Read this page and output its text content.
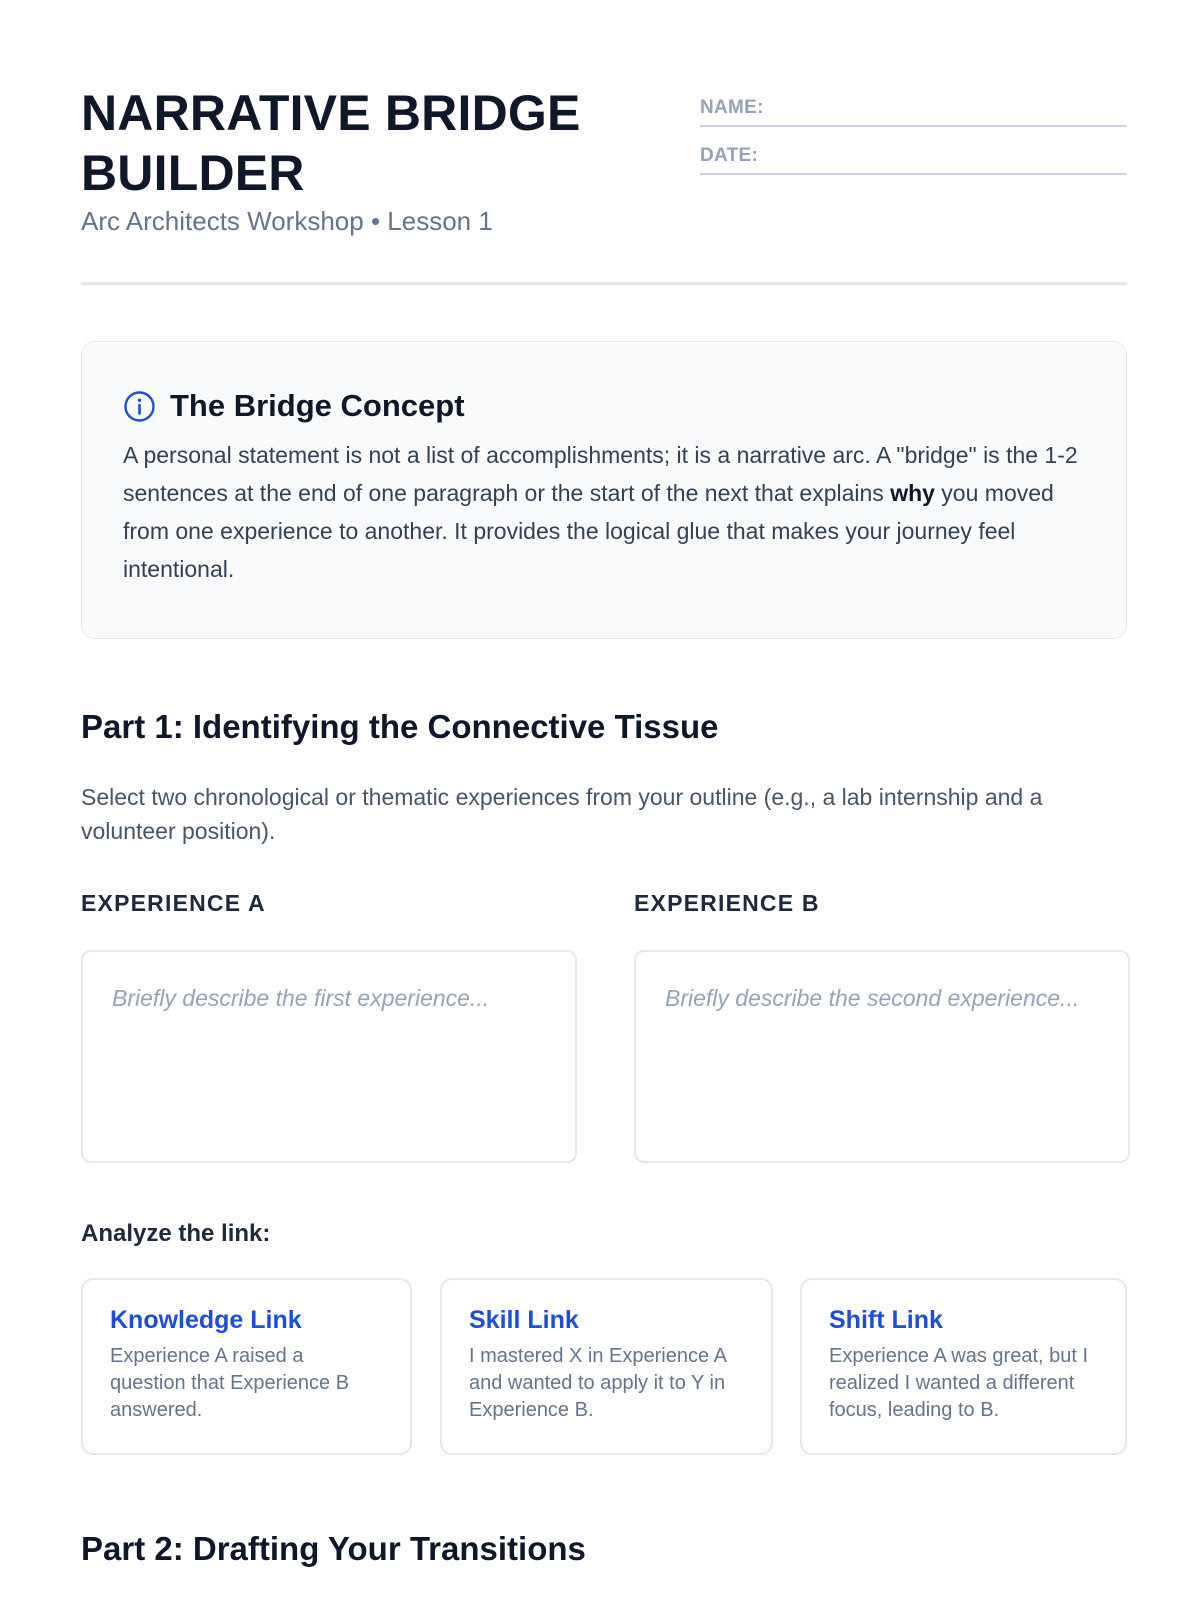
NARRATIVE BRIDGE BUILDER
Arc Architects Workshop • Lesson 1
NAME:
DATE:
The Bridge Concept

A personal statement is not a list of accomplishments; it is a narrative arc. A "bridge" is the 1-2 sentences at the end of one paragraph or the start of the next that explains why you moved from one experience to another. It provides the logical glue that makes your journey feel intentional.

Part 1: Identifying the Connective Tissue

Select two chronological or thematic experiences from your outline (e.g., a lab internship and a volunteer position).

EXPERIENCE A	EXPERIENCE B
Briefly describe the first experience...	Briefly describe the second experience...
Analyze the link:
Knowledge Link
Experience A raised a question that Experience B answered.
Skill Link
I mastered X in Experience A and wanted to apply it to Y in Experience B.
Shift Link
Experience A was great, but I realized I wanted a different focus, leading to B.
Part 2: Drafting Your Transitions
